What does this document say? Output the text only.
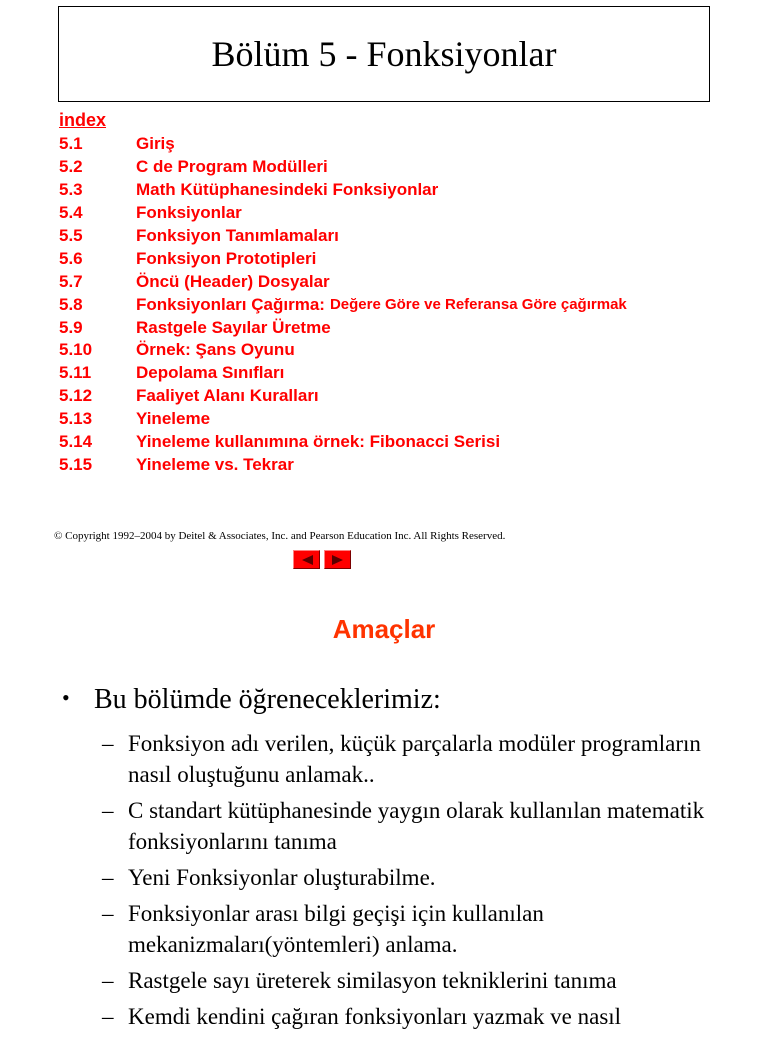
Bölüm 5 - Fonksiyonlar
index
5.1	Giriş
5.2	C de Program Modülleri
5.3	Math Kütüphanesindeki Fonksiyonlar
5.4	Fonksiyonlar
5.5	Fonksiyon Tanımlamaları
5.6	Fonksiyon Prototipleri
5.7	Öncü (Header) Dosyalar
5.8	Fonksiyonları Çağırma: Değere Göre ve Referansa Göre çağırmak
5.9	Rastgele Sayılar Üretme
5.10	Örnek: Şans Oyunu
5.11	Depolama Sınıfları
5.12	Faaliyet Alanı Kuralları
5.13	Yineleme
5.14	Yineleme kullanımına örnek: Fibonacci Serisi
5.15	Yineleme vs. Tekrar
© Copyright 1992–2004 by Deitel & Associates, Inc. and Pearson Education Inc. All Rights Reserved.
Amaçlar
• Bu bölümde öğreneceklerimiz:
– Fonksiyon adı verilen, küçük parçalarla modüler programların nasıl oluştuğunu anlamak..
– C standart kütüphanesinde yaygın olarak kullanılan matematik fonksiyonlarını tanıma
– Yeni Fonksiyonlar oluşturabilme.
– Fonksiyonlar arası bilgi geçişi için kullanılan mekanizmaları(yöntemleri) anlama.
– Rastgele sayı üreterek similasyon tekniklerini tanıma
– Kemdi kendini çağıran fonksiyonları yazmak ve nasıl
